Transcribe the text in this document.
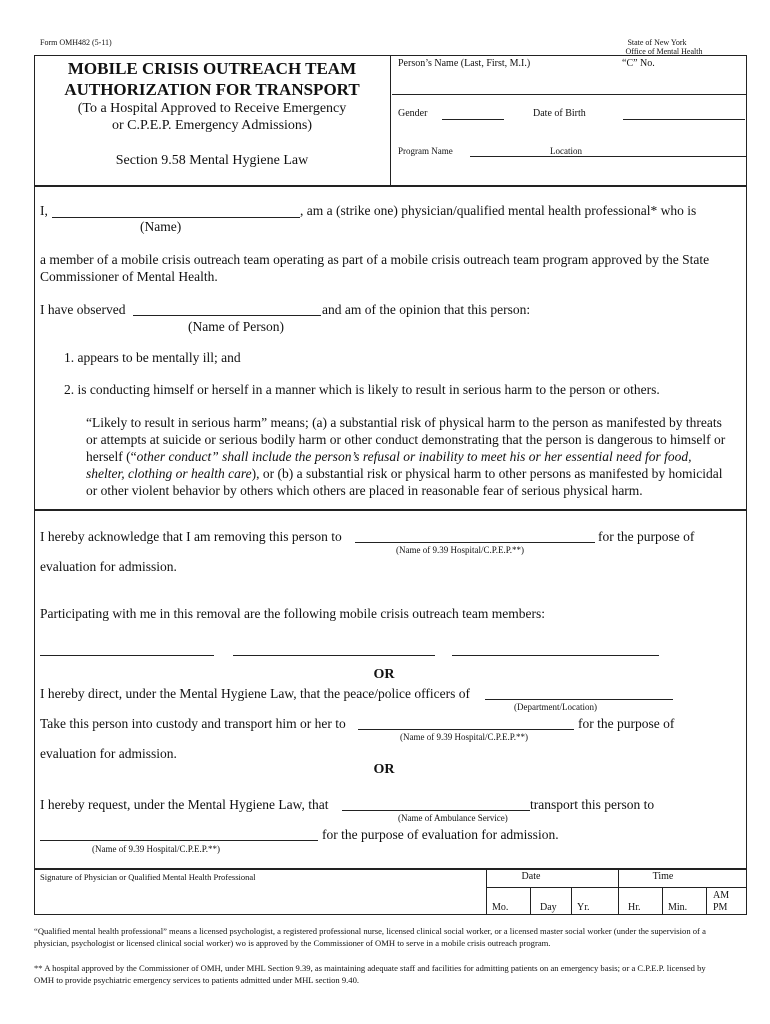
Form OMH482 (5-11)	State of New York
Office of Mental Health
MOBILE CRISIS OUTREACH TEAM
AUTHORIZATION FOR TRANSPORT
(To a Hospital Approved to Receive Emergency
or C.P.E.P. Emergency Admissions)
Section 9.58 Mental Hygiene Law
Person’s Name (Last, First, M.I.)	“C” No.
Gender	Date of Birth
Program Name	Location
I,	, am a (strike one) physician/qualified mental health professional* who is
(Name)
a member of a mobile crisis outreach team operating as part of a mobile crisis outreach team program approved by the State Commissioner of Mental Health.
I have observed	and am of the opinion that this person:
(Name of Person)
1. appears to be mentally ill; and
2. is conducting himself or herself in a manner which is likely to result in serious harm to the person or others.
“Likely to result in serious harm” means; (a) a substantial risk of physical harm to the person as manifested by threats or attempts at suicide or serious bodily harm or other conduct demonstrating that the person is dangerous to himself or herself (“other conduct” shall include the person’s refusal or inability to meet his or her essential need for food, shelter, clothing or health care), or (b) a substantial risk or physical harm to other persons as manifested by homicidal or other violent behavior by others which others are placed in reasonable fear of serious physical harm.
I hereby acknowledge that I am removing this person to	for the purpose of
(Name of 9.39 Hospital/C.P.E.P.**)
evaluation for admission.
Participating with me in this removal are the following mobile crisis outreach team members:
OR
I hereby direct, under the Mental Hygiene Law, that the peace/police officers of
(Department/Location)
Take this person into custody and transport him or her to	for the purpose of
(Name of 9.39 Hospital/C.P.E.P.**)
evaluation for admission.
OR
I hereby request, under the Mental Hygiene Law, that	transport this person to
(Name of Ambulance Service)
for the purpose of evaluation for admission.
(Name of 9.39 Hospital/C.P.E.P.**)
Signature of Physician or Qualified Mental Health Professional	Date	Time
Mo.	Day Yr.	Hr.	Min.
AM
PM
“Qualified mental health professional” means a licensed psychologist, a registered professional nurse, licensed clinical social worker, or a licensed master social worker (under the supervision of a physician, psychologist or licensed clinical social worker) wo is approved by the Commissioner of OMH to serve in a mobile crisis outreach program.
** A hospital approved by the Commissioner of OMH, under MHL Section 9.39, as maintaining adequate staff and facilities for admitting patients on an emergency basis; or a C.P.E.P. licensed by OMH to provide psychiatric emergency services to patients admitted under MHL section 9.40.
